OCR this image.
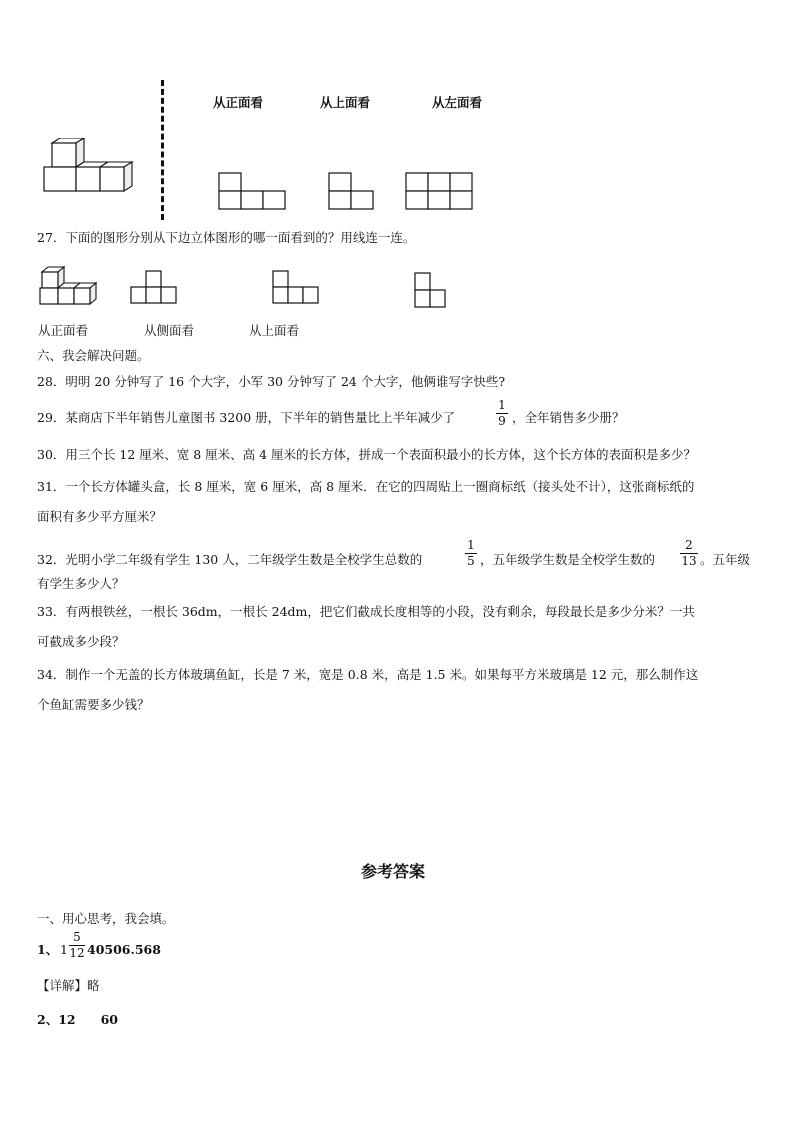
从正面看	从上面看	从左面看
27．下面的图形分别从下边立体图形的哪一面看到的？用线连一连。
从正面看	从侧面看	从上面看
六、我会解决问题。
28．明明 20 分钟写了 16 个大字，小军 30 分钟写了 24 个大字，他俩谁写字快些?
29．某商店下半年销售儿童图书 3200 册，下半年的销售量比上半年减少了
1
9 ，全年销售多少册？
30．用三个长 12 厘米、宽 8 厘米、高 4 厘米的长方体，拼成一个表面积最小的长方体，这个长方体的表面积是多少？
31．一个长方体罐头盒，长 8 厘米，宽 6 厘米，高 8 厘米．在它的四周贴上一圈商标纸（接头处不计），这张商标纸的
面积有多少平方厘米？
32．光明小学二年级有学生 130 人，二年级学生数是全校学生总数的
1
5 ，五年级学生数是全校学生数的
2
13 。五年级
有学生多少人？
33．有两根铁丝，一根长 36dm，一根长 24dm，把它们截成长度相等的小段，没有剩余，每段最长是多少分米？一共
可截成多少段？
34．制作一个无盖的长方体玻璃鱼缸，长是 7 米，宽是 0.8 米，高是 1.5 米。如果每平方米玻璃是 12 元，那么制作这
个鱼缸需要多少钱？
参考答案
一、用心思考，我会填。
1、 1
5
12 40506.568
【详解】略
2、12　　60
